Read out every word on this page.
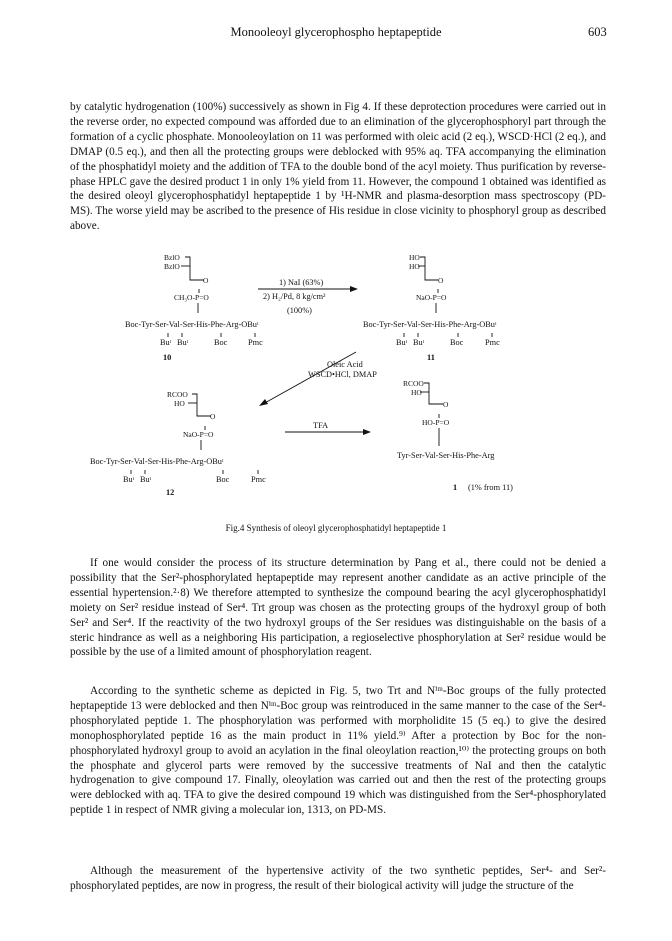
Monooleoyl glycerophospho heptapeptide	603

by catalytic hydrogenation (100%) successively as shown in Fig 4. If these deprotection procedures were carried out in the reverse order, no expected compound was afforded due to an elimination of the glycerophosphoryl part through the formation of a cyclic phosphate. Monooleoylation on 11 was performed with oleic acid (2 eq.), WSCD·HCl (2 eq.), and DMAP (0.5 eq.), and then all the protecting groups were deblocked with 95% aq. TFA accompanying the elimination of the phosphatidyl moiety and the addition of TFA to the double bond of the acyl moiety. Thus purification by reverse-phase HPLC gave the desired product 1 in only 1% yield from 11. However, the compound 1 obtained was identified as the desired oleoyl glycerophosphatidyl heptapeptide 1 by ¹H-NMR and plasma-desorption mass spectroscopy (PD-MS). The worse yield may be ascribed to the presence of His residue in close vicinity to phosphoryl group as described above.

BzlO
BzlO
O
CH₃O-P=O
Boc-Tyr-Ser-Val-Ser-His-Phe-Arg-OBuᵗ
Buᵗ Buᵗ	Boc Pmc
10
1) NaI (63%)
2) H₂/Pd, 8 kg/cm²
(100%)
HO
HO
O
NaO-P=O
Boc-Tyr-Ser-Val-Ser-His-Phe-Arg-OBuᵗ
Buᵗ Buᵗ	Boc	Pmc
11
Oleic Acid
WSCD•HCl, DMAP
RCOO
HO
O
NaO-P=O
Boc-Tyr-Ser-Val-Ser-His-Phe-Arg-OBuᵗ
Buᵗ Buᵗ	Boc	Pmc
12
TFA
RCOO
HO
O
HO-P=O
Tyr-Ser-Val-Ser-His-Phe-Arg
1 (1% from 11)
Fig.4 Synthesis of oleoyl glycerophosphatidyl heptapeptide 1

If one would consider the process of its structure determination by Pang et al., there could not be denied a possibility that the Ser²-phosphorylated heptapeptide may represent another candidate as an active principle of the essential hypertension.²·8) We therefore attempted to synthesize the compound bearing the acyl glycerophosphatidyl moiety on Ser² residue instead of Ser⁴. Trt group was chosen as the protecting groups of the hydroxyl group of both Ser² and Ser⁴. If the reactivity of the two hydroxyl groups of the Ser residues was distinguishable on the basis of a steric hindrance as well as a neighboring His participation, a regioselective phosphorylation at Ser² residue would be possible by the use of a limited amount of phosphorylation reagent.

According to the synthetic scheme as depicted in Fig. 5, two Trt and Nⁱᵐ-Boc groups of the fully protected heptapeptide 13 were deblocked and then Nⁱᵐ-Boc group was reintroduced in the same manner to the case of the Ser⁴-phosphorylated peptide 1. The phosphorylation was performed with morpholidite 15 (5 eq.) to give the desired monophosphorylated peptide 16 as the main product in 11% yield.⁹⁾ After a protection by Boc for the non-phosphorylated hydroxyl group to avoid an acylation in the final oleoylation reaction,¹⁰⁾ the protecting groups on both the phosphate and glycerol parts were removed by the successive treatments of NaI and then the catalytic hydrogenation to give compound 17. Finally, oleoylation was carried out and then the rest of the protecting groups were deblocked with aq. TFA to give the desired compound 19 which was distinguished from the Ser⁴-phosphorylated peptide 1 in respect of NMR giving a molecular ion, 1313, on PD-MS.

Although the measurement of the hypertensive activity of the two synthetic peptides, Ser⁴- and Ser²-phosphorylated peptides, are now in progress, the result of their biological activity will judge the structure of the
